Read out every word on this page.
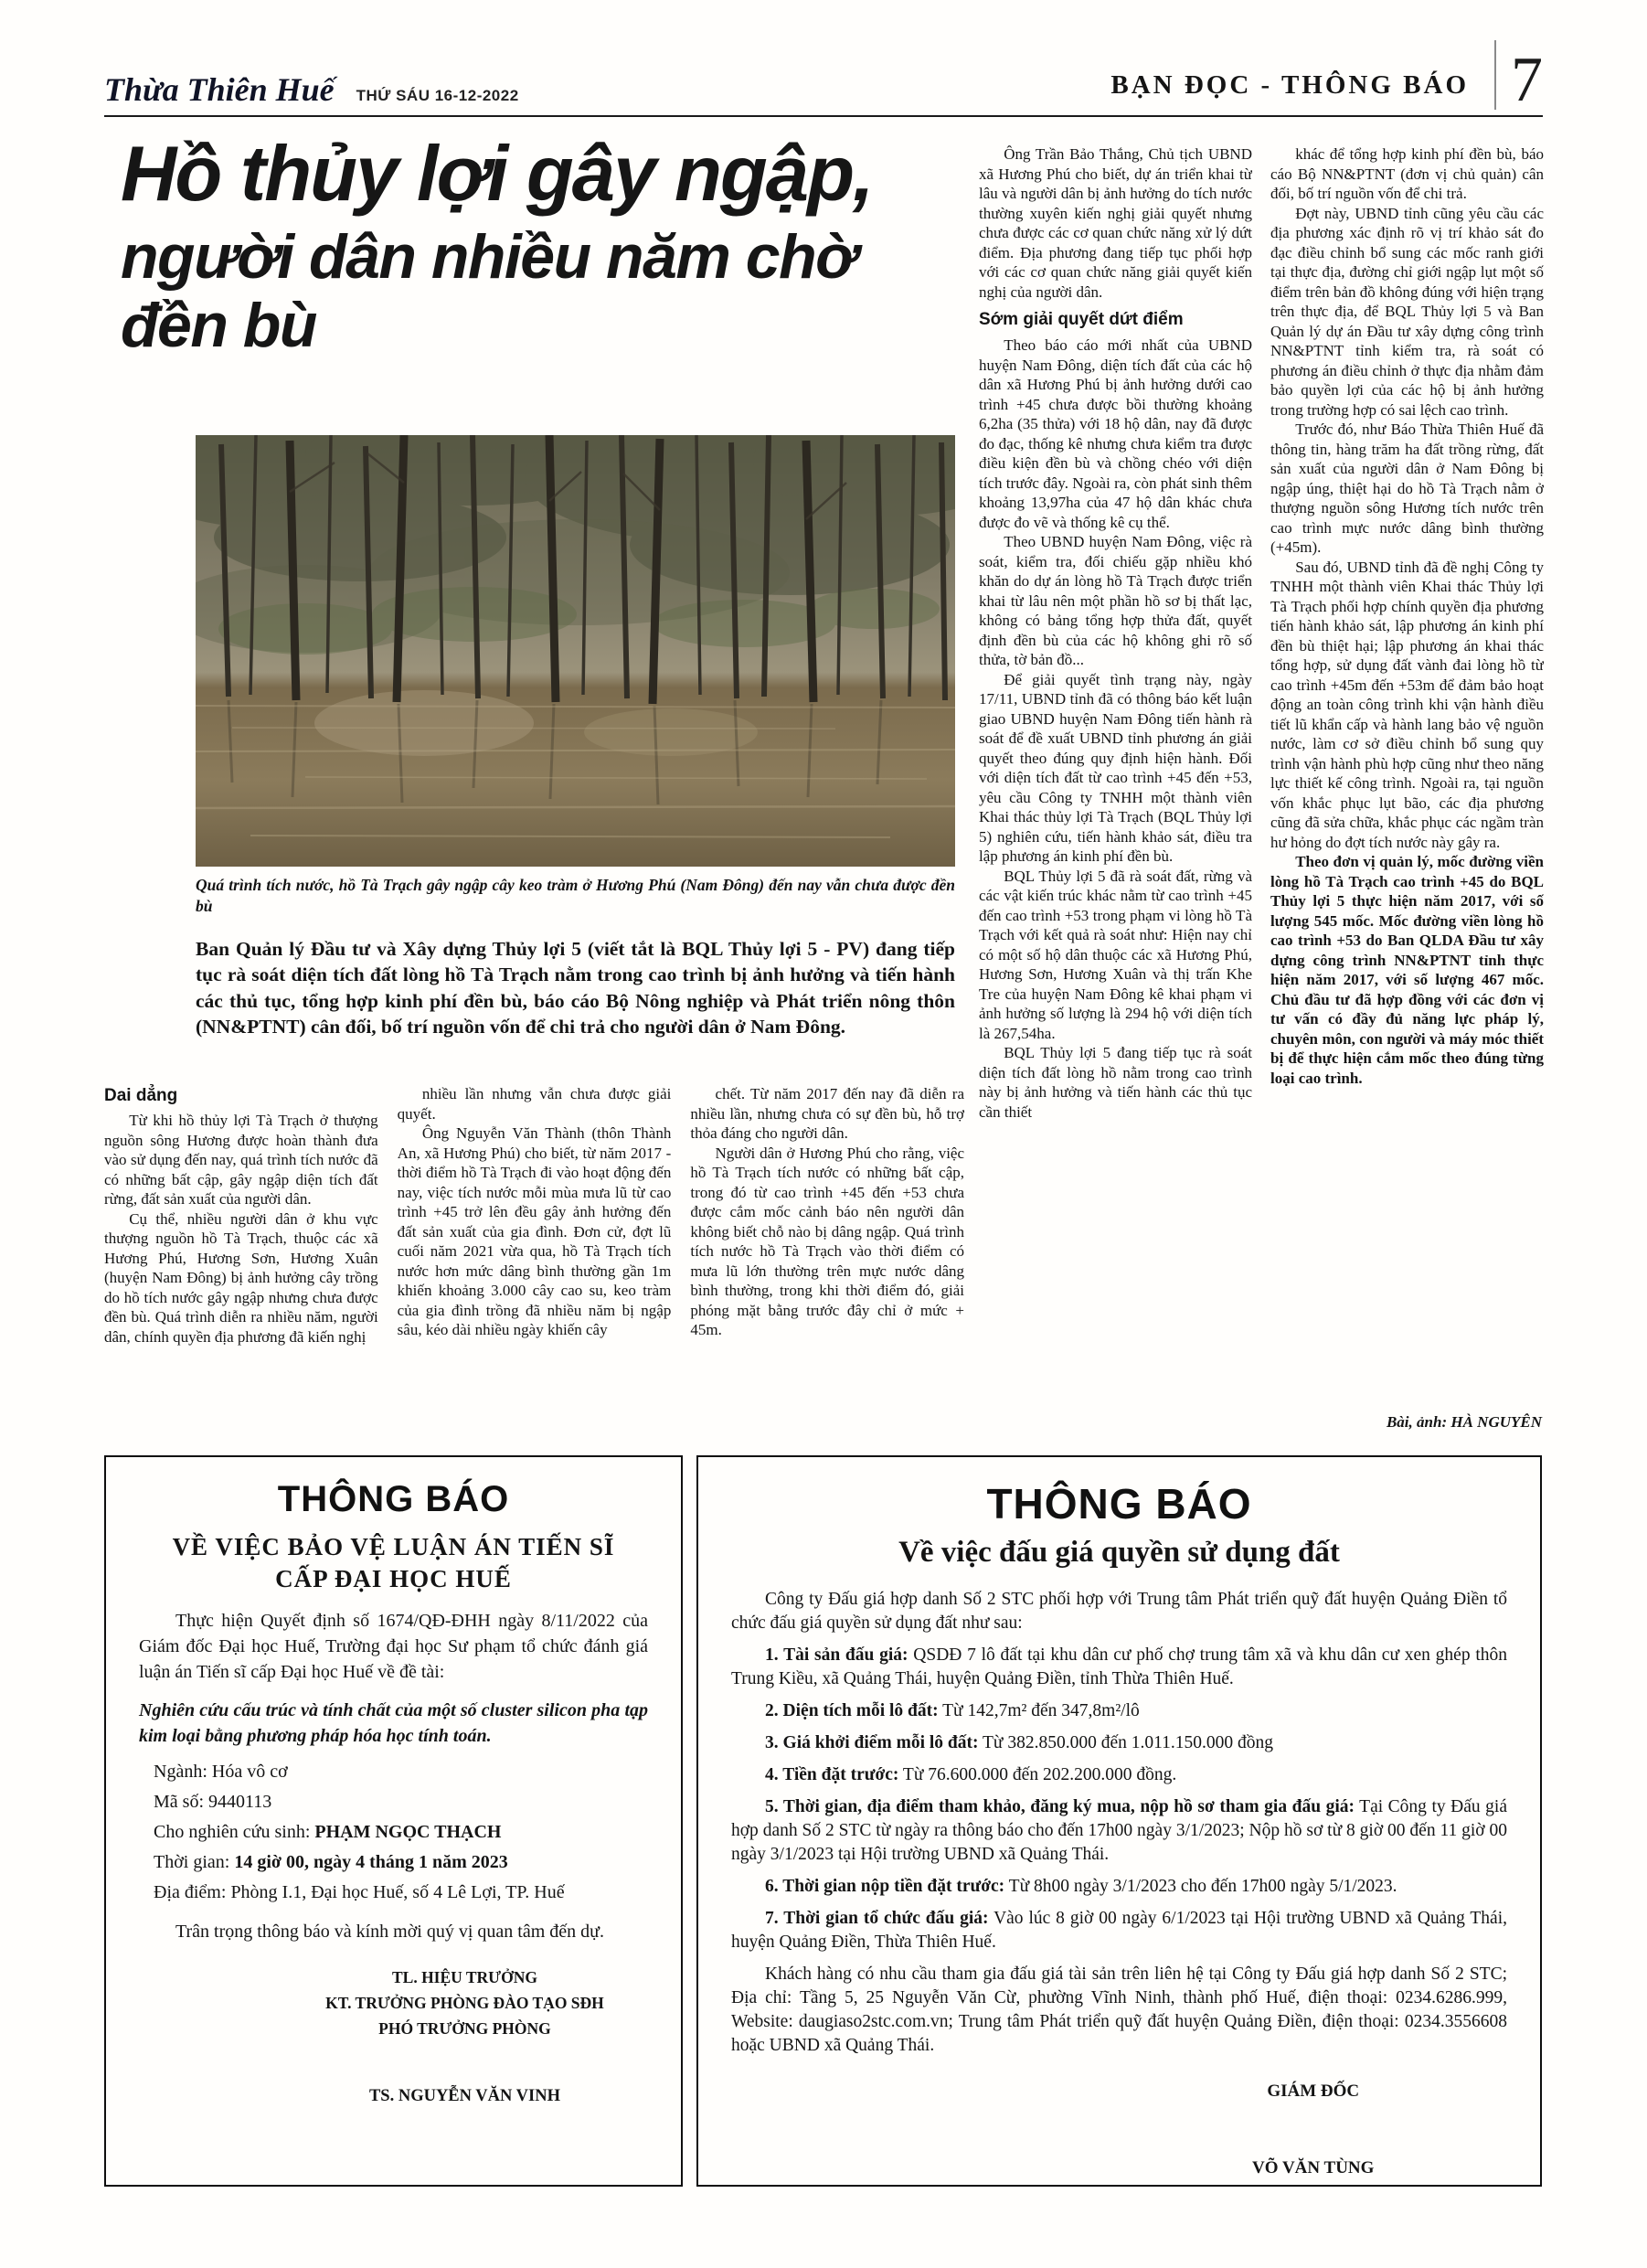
Thừa Thiên Huế THỨ SÁU 16-12-2022	BẠN ĐỌC - THÔNG BÁO 7
Hồ thủy lợi gây ngập,
người dân nhiều năm chờ đền bù
Quá trình tích nước, hồ Tà Trạch gây ngập cây keo tràm ở Hương Phú (Nam Đông) đến nay vẫn chưa được đền bù

Ban Quản lý Đầu tư và Xây dựng Thủy lợi 5 (viết tắt là BQL Thủy lợi 5 - PV) đang tiếp tục rà soát diện tích đất lòng hồ Tà Trạch nằm trong cao trình bị ảnh hưởng và tiến hành các thủ tục, tổng hợp kinh phí đền bù, báo cáo Bộ Nông nghiệp và Phát triển nông thôn (NN&PTNT) cân đối, bố trí nguồn vốn để chi trả cho người dân ở Nam Đông.

Dai dẳng

Từ khi hồ thủy lợi Tà Trạch ở thượng nguồn sông Hương được hoàn thành đưa vào sử dụng đến nay, quá trình tích nước đã có những bất cập, gây ngập diện tích đất rừng, đất sản xuất của người dân.

Cụ thể, nhiều người dân ở khu vực thượng nguồn hồ Tà Trạch, thuộc các xã Hương Phú, Hương Sơn, Hương Xuân (huyện Nam Đông) bị ảnh hưởng cây trồng do hồ tích nước gây ngập nhưng chưa được đền bù. Quá trình diễn ra nhiều năm, người dân, chính quyền địa phương đã kiến nghị

nhiều lần nhưng vẫn chưa được giải quyết.

Ông Nguyễn Văn Thành (thôn Thành An, xã Hương Phú) cho biết, từ năm 2017 - thời điểm hồ Tà Trạch đi vào hoạt động đến nay, việc tích nước mỗi mùa mưa lũ từ cao trình +45 trở lên đều gây ảnh hưởng đến đất sản xuất của gia đình. Đơn cử, đợt lũ cuối năm 2021 vừa qua, hồ Tà Trạch tích nước hơn mức dâng bình thường gần 1m khiến khoảng 3.000 cây cao su, keo tràm của gia đình trồng đã nhiều năm bị ngập sâu, kéo dài nhiều ngày khiến cây

chết. Từ năm 2017 đến nay đã diễn ra nhiều lần, nhưng chưa có sự đền bù, hỗ trợ thỏa đáng cho người dân.

Người dân ở Hương Phú cho rằng, việc hồ Tà Trạch tích nước có những bất cập, trong đó từ cao trình +45 đến +53 chưa được cắm mốc cảnh báo nên người dân không biết chỗ nào bị dâng ngập. Quá trình tích nước hồ Tà Trạch vào thời điểm có mưa lũ lớn thường trên mực nước dâng bình thường, trong khi thời điểm đó, giải phóng mặt bằng trước đây chỉ ở mức + 45m.

Ông Trần Bảo Thắng, Chủ tịch UBND xã Hương Phú cho biết, dự án triển khai từ lâu và người dân bị ảnh hưởng do tích nước thường xuyên kiến nghị giải quyết nhưng chưa được các cơ quan chức năng xử lý dứt điểm. Địa phương đang tiếp tục phối hợp với các cơ quan chức năng giải quyết kiến nghị của người dân.

Sớm giải quyết dứt điểm

Theo báo cáo mới nhất của UBND huyện Nam Đông, diện tích đất của các hộ dân xã Hương Phú bị ảnh hưởng dưới cao trình +45 chưa được bồi thường khoảng 6,2ha (35 thửa) với 18 hộ dân, nay đã được đo đạc, thống kê nhưng chưa kiểm tra được điều kiện đền bù và chồng chéo với diện tích trước đây. Ngoài ra, còn phát sinh thêm khoảng 13,97ha của 47 hộ dân khác chưa được đo vẽ và thống kê cụ thể.

Theo UBND huyện Nam Đông, việc rà soát, kiểm tra, đối chiếu gặp nhiều khó khăn do dự án lòng hồ Tà Trạch được triển khai từ lâu nên một phần hồ sơ bị thất lạc, không có bảng tổng hợp thửa đất, quyết định đền bù của các hộ không ghi rõ số thửa, tờ bản đồ...

Để giải quyết tình trạng này, ngày 17/11, UBND tỉnh đã có thông báo kết luận giao UBND huyện Nam Đông tiến hành rà soát để đề xuất UBND tỉnh phương án giải quyết theo đúng quy định hiện hành. Đối với diện tích đất từ cao trình +45 đến +53, yêu cầu Công ty TNHH một thành viên Khai thác thủy lợi Tà Trạch (BQL Thủy lợi 5) nghiên cứu, tiến hành khảo sát, điều tra lập phương án kinh phí đền bù.

BQL Thủy lợi 5 đã rà soát đất, rừng và các vật kiến trúc khác nằm từ cao trình +45 đến cao trình +53 trong phạm vi lòng hồ Tà Trạch với kết quả rà soát như: Hiện nay chỉ có một số hộ dân thuộc các xã Hương Phú, Hương Sơn, Hương Xuân và thị trấn Khe Tre của huyện Nam Đông kê khai phạm vi ảnh hưởng số lượng là 294 hộ với diện tích là 267,54ha.

BQL Thủy lợi 5 đang tiếp tục rà soát diện tích đất lòng hồ nằm trong cao trình này bị ảnh hưởng và tiến hành các thủ tục cần thiết

khác để tổng hợp kinh phí đền bù, báo cáo Bộ NN&PTNT (đơn vị chủ quản) cân đối, bố trí nguồn vốn để chi trả.

Đợt này, UBND tỉnh cũng yêu cầu các địa phương xác định rõ vị trí khảo sát đo đạc điều chỉnh bổ sung các mốc ranh giới tại thực địa, đường chỉ giới ngập lụt một số điểm trên bản đồ không đúng với hiện trạng trên thực địa, để BQL Thủy lợi 5 và Ban Quản lý dự án Đầu tư xây dựng công trình NN&PTNT tỉnh kiểm tra, rà soát có phương án điều chỉnh ở thực địa nhằm đảm bảo quyền lợi của các hộ bị ảnh hưởng trong trường hợp có sai lệch cao trình.

Trước đó, như Báo Thừa Thiên Huế đã thông tin, hàng trăm ha đất trồng rừng, đất sản xuất của người dân ở Nam Đông bị ngập úng, thiệt hại do hồ Tà Trạch nằm ở thượng nguồn sông Hương tích nước trên cao trình mực nước dâng bình thường (+45m).

Sau đó, UBND tỉnh đã đề nghị Công ty TNHH một thành viên Khai thác Thủy lợi Tà Trạch phối hợp chính quyền địa phương tiến hành khảo sát, lập phương án kinh phí đền bù thiệt hại; lập phương án khai thác tổng hợp, sử dụng đất vành đai lòng hồ từ cao trình +45m đến +53m để đảm bảo hoạt động an toàn công trình khi vận hành điều tiết lũ khẩn cấp và hành lang bảo vệ nguồn nước, làm cơ sở điều chỉnh bổ sung quy trình vận hành phù hợp cũng như theo năng lực thiết kế công trình. Ngoài ra, tại nguồn vốn khắc phục lụt bão, các địa phương cũng đã sửa chữa, khắc phục các ngầm tràn hư hỏng do đợt tích nước này gây ra.

Theo đơn vị quản lý, mốc đường viền lòng hồ Tà Trạch cao trình +45 do BQL Thủy lợi 5 thực hiện năm 2017, với số lượng 545 mốc. Mốc đường viền lòng hồ cao trình +53 do Ban QLDA Đầu tư xây dựng công trình NN&PTNT tỉnh thực hiện năm 2017, với số lượng 467 mốc. Chủ đầu tư đã hợp đồng với các đơn vị tư vấn có đầy đủ năng lực pháp lý, chuyên môn, con người và máy móc thiết bị để thực hiện cắm mốc theo đúng từng loại cao trình.

Bài, ảnh: HÀ NGUYÊN

THÔNG BÁO
VỀ VIỆC BẢO VỆ LUẬN ÁN TIẾN SĨ
CẤP ĐẠI HỌC HUẾ

Thực hiện Quyết định số 1674/QĐ-ĐHH ngày 8/11/2022 của Giám đốc Đại học Huế, Trường đại học Sư phạm tổ chức đánh giá luận án Tiến sĩ cấp Đại học Huế về đề tài:

Nghiên cứu cấu trúc và tính chất của một số cluster silicon pha tạp kim loại bằng phương pháp hóa học tính toán.

Ngành: Hóa vô cơ

Mã số: 9440113

Cho nghiên cứu sinh: PHẠM NGỌC THẠCH

Thời gian: 14 giờ 00, ngày 4 tháng 1 năm 2023

Địa điểm: Phòng I.1, Đại học Huế, số 4 Lê Lợi, TP. Huế

Trân trọng thông báo và kính mời quý vị quan tâm đến dự.

TL. HIỆU TRƯỞNG
KT. TRƯỞNG PHÒNG ĐÀO TẠO SĐH
PHÓ TRƯỞNG PHÒNG
TS. NGUYỄN VĂN VINH
THÔNG BÁO
Về việc đấu giá quyền sử dụng đất

Công ty Đấu giá hợp danh Số 2 STC phối hợp với Trung tâm Phát triển quỹ đất huyện Quảng Điền tổ chức đấu giá quyền sử dụng đất như sau:

1. Tài sản đấu giá: QSDĐ 7 lô đất tại khu dân cư phố chợ trung tâm xã và khu dân cư xen ghép thôn Trung Kiều, xã Quảng Thái, huyện Quảng Điền, tỉnh Thừa Thiên Huế.

2. Diện tích mỗi lô đất: Từ 142,7m² đến 347,8m²/lô

3. Giá khởi điểm mỗi lô đất: Từ 382.850.000 đến 1.011.150.000 đồng

4. Tiền đặt trước: Từ 76.600.000 đến 202.200.000 đồng.

5. Thời gian, địa điểm tham khảo, đăng ký mua, nộp hồ sơ tham gia đấu giá: Tại Công ty Đấu giá hợp danh Số 2 STC từ ngày ra thông báo cho đến 17h00 ngày 3/1/2023; Nộp hồ sơ từ 8 giờ 00 đến 11 giờ 00 ngày 3/1/2023 tại Hội trường UBND xã Quảng Thái.

6. Thời gian nộp tiền đặt trước: Từ 8h00 ngày 3/1/2023 cho đến 17h00 ngày 5/1/2023.

7. Thời gian tổ chức đấu giá: Vào lúc 8 giờ 00 ngày 6/1/2023 tại Hội trường UBND xã Quảng Thái, huyện Quảng Điền, Thừa Thiên Huế.

Khách hàng có nhu cầu tham gia đấu giá tài sản trên liên hệ tại Công ty Đấu giá hợp danh Số 2 STC; Địa chỉ: Tầng 5, 25 Nguyễn Văn Cừ, phường Vĩnh Ninh, thành phố Huế, điện thoại: 0234.6286.999, Website: daugiaso2stc.com.vn; Trung tâm Phát triển quỹ đất huyện Quảng Điền, điện thoại: 0234.3556608 hoặc UBND xã Quảng Thái.

GIÁM ĐỐC
VÕ VĂN TÙNG
